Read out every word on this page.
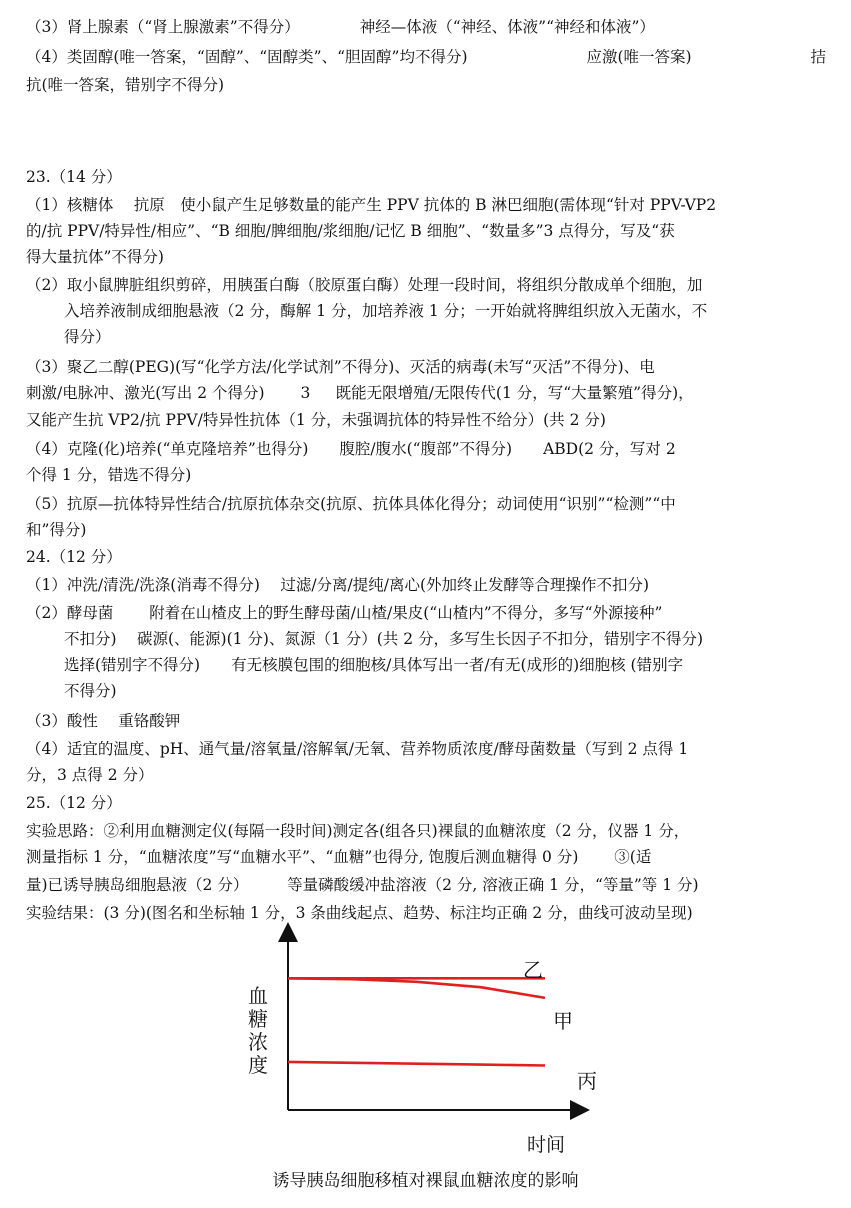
（3）肾上腺素（“肾上腺激素”不得分）	神经—体液（“神经、体液”“神经和体液”）
（4）类固醇(唯一答案，“固醇”、“固醇类”、“胆固醇”均不得分)	应激(唯一答案)	拮
抗(唯一答案，错别字不得分)
23.（14 分）
（1）核糖体　 抗原　使小鼠产生足够数量的能产生 PPV 抗体的 B 淋巴细胞(需体现“针对 PPV-VP2
的/抗 PPV/特异性/相应”、“B 细胞/脾细胞/浆细胞/记忆 B 细胞”、“数量多”3 点得分，写及“获
得大量抗体”不得分)
（2）取小鼠脾脏组织剪碎，用胰蛋白酶（胶原蛋白酶）处理一段时间，将组织分散成单个细胞，加
入培养液制成细胞悬液（2 分，酶解 1 分，加培养液 1 分；一开始就将脾组织放入无菌水，不
得分）
（3）聚乙二醇(PEG)(写“化学方法/化学试剂”不得分)、灭活的病毒(未写“灭活”不得分)、电
刺激/电脉冲、激光(写出 2 个得分)　　 3 　 既能无限增殖/无限传代(1 分，写“大量繁殖”得分)，
又能产生抗 VP2/抗 PPV/特异性抗体（1 分，未强调抗体的特异性不给分）(共 2 分)
（4）克隆(化)培养(“单克隆培养”也得分)　　腹腔/腹水(“腹部”不得分)　　ABD(2 分，写对 2
个得 1 分，错选不得分)
（5）抗原—抗体特异性结合/抗原抗体杂交(抗原、抗体具体化得分；动词使用“识别”“检测”“中
和”得分)
24.（12 分）
（1）冲洗/清洗/洗涤(消毒不得分)　 过滤/分离/提纯/离心(外加终止发酵等合理操作不扣分)
（2）酵母菌　　 附着在山楂皮上的野生酵母菌/山楂/果皮(“山楂内”不得分，多写“外源接种”
不扣分)　 碳源(、能源)(1 分)、氮源（1 分）(共 2 分，多写生长因子不扣分，错别字不得分)
选择(错别字不得分)　　有无核膜包围的细胞核/具体写出一者/有无(成形的)细胞核 (错别字
不得分)
（3）酸性　 重铬酸钾
（4）适宜的温度、pH、通气量/溶氧量/溶解氧/无氧、营养物质浓度/酵母菌数量（写到 2 点得 1
分，3 点得 2 分）
25.（12 分）
实验思路：②利用血糖测定仪(每隔一段时间)测定各(组各只)裸鼠的血糖浓度（2 分，仪器 1 分，
测量指标 1 分，“血糖浓度”写“血糖水平”、“血糖”也得分, 饱腹后测血糖得 0 分)　　 ③(适
量)已诱导胰岛细胞悬液（2 分）　　　等量磷酸缓冲盐溶液（2 分, 溶液正确 1 分，“等量”等 1 分)
实验结果：(3 分)(图名和坐标轴 1 分，3 条曲线起点、趋势、标注均正确 2 分，曲线可波动呈现)
血
糖
浓
度
时间
乙
甲
丙
诱导胰岛细胞移植对裸鼠血糖浓度的影响
